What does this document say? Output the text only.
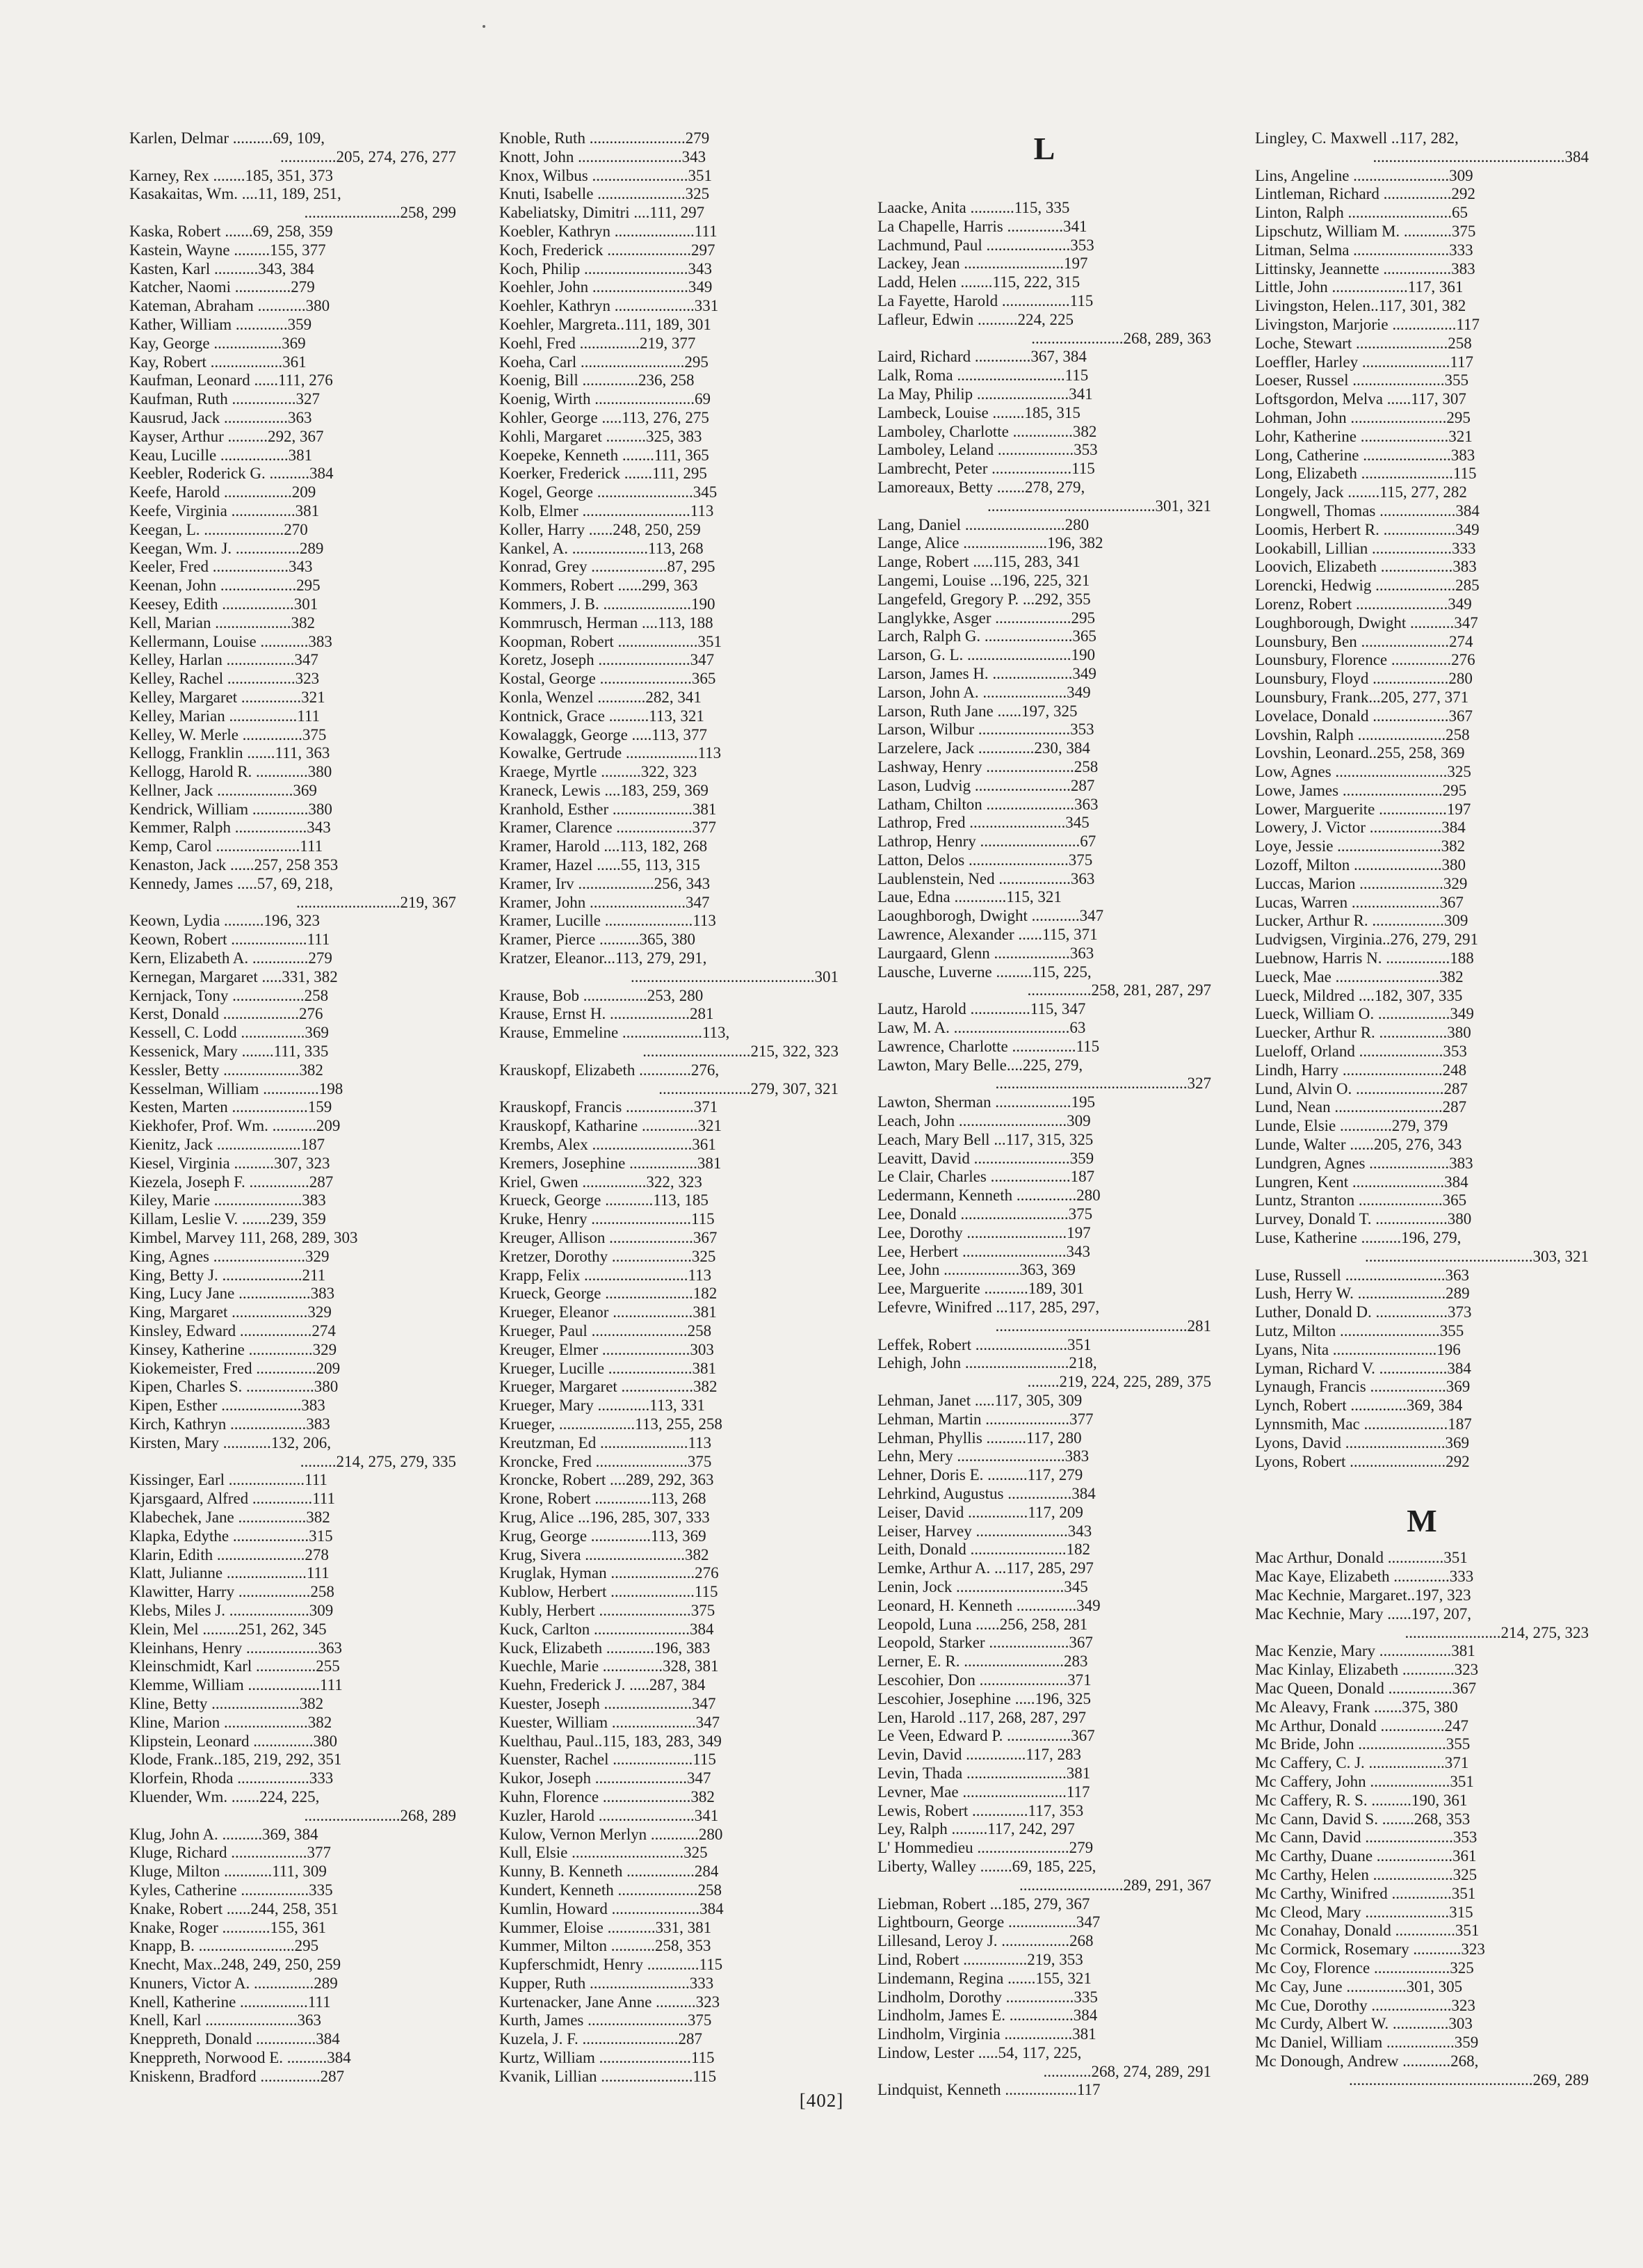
Karlen, Delmar ..........69, 109,
..............205, 274, 276, 277
Karney, Rex ........185, 351, 373
Kasakaitas, Wm. ....11, 189, 251,
........................258, 299
Kaska, Robert .......69, 258, 359
Kastein, Wayne .........155, 377
Kasten, Karl ...........343, 384
Katcher, Naomi ..............279
Kateman, Abraham ............380
Kather, William .............359
Kay, George .................369
Kay, Robert ..................361
Kaufman, Leonard ......111, 276
Kaufman, Ruth ................327
Kausrud, Jack ................363
Kayser, Arthur ..........292, 367
Keau, Lucille .................381
Keebler, Roderick G. ..........384
Keefe, Harold .................209
Keefe, Virginia ................381
Keegan, L. ....................270
Keegan, Wm. J. ................289
Keeler, Fred ...................343
Keenan, John ...................295
Keesey, Edith ..................301
Kell, Marian ...................382
Kellermann, Louise ............383
Kelley, Harlan .................347
Kelley, Rachel .................323
Kelley, Margaret ...............321
Kelley, Marian .................111
Kelley, W. Merle ...............375
Kellogg, Franklin .......111, 363
Kellogg, Harold R. .............380
Kellner, Jack ...................369
Kendrick, William ..............380
Kemmer, Ralph ..................343
Kemp, Carol .....................111
Kenaston, Jack ......257, 258 353
Kennedy, James .....57, 69, 218,
..........................219, 367
Keown, Lydia ..........196, 323
Keown, Robert ...................111
Kern, Elizabeth A. ..............279
Kernegan, Margaret .....331, 382
Kernjack, Tony ..................258
Kerst, Donald ...................276
Kessell, C. Lodd ................369
Kessenick, Mary ........111, 335
Kessler, Betty ...................382
Kesselman, William ..............198
Kesten, Marten ...................159
Kiekhofer, Prof. Wm. ...........209
Kienitz, Jack .....................187
Kiesel, Virginia ..........307, 323
Kiezela, Joseph F. ...............287
Kiley, Marie ......................383
Killam, Leslie V. .......239, 359
Kimbel, Marvey 111, 268, 289, 303
King, Agnes .......................329
King, Betty J. ....................211
King, Lucy Jane ..................383
King, Margaret ...................329
Kinsley, Edward ..................274
Kinsey, Katherine ................329
Kiokemeister, Fred ...............209
Kipen, Charles S. .................380
Kipen, Esther ....................383
Kirch, Kathryn ...................383
Kirsten, Mary ............132, 206,
.........214, 275, 279, 335
Kissinger, Earl ...................111
Kjarsgaard, Alfred ...............111
Klabechek, Jane .................382
Klapka, Edythe ...................315
Klarin, Edith ......................278
Klatt, Julianne ....................111
Klawitter, Harry ..................258
Klebs, Miles J. ....................309
Klein, Mel .........251, 262, 345
Kleinhans, Henry ..................363
Kleinschmidt, Karl ...............255
Klemme, William ..................111
Kline, Betty ......................382
Kline, Marion .....................382
Klipstein, Leonard ...............380
Klode, Frank..185, 219, 292, 351
Klorfein, Rhoda ..................333
Kluender, Wm. .......224, 225,
........................268, 289
Klug, John A. ..........369, 384
Kluge, Richard ...................377
Kluge, Milton ............111, 309
Kyles, Catherine .................335
Knake, Robert ......244, 258, 351
Knake, Roger ............155, 361
Knapp, B. ........................295
Knecht, Max..248, 249, 250, 259
Knuners, Victor A. ...............289
Knell, Katherine .................111
Knell, Karl .......................363
Kneppreth, Donald ...............384
Kneppreth, Norwood E. ..........384
Kniskenn, Bradford ...............287
Knoble, Ruth ........................279
Knott, John ..........................343
Knox, Wilbus ........................351
Knuti, Isabelle ......................325
Kabeliatsky, Dimitri ....111, 297
Koebler, Kathryn ....................111
Koch, Frederick .....................297
Koch, Philip ..........................343
Koehler, John ........................349
Koehler, Kathryn ....................331
Koehler, Margreta..111, 189, 301
Koehl, Fred ...............219, 377
Koeha, Carl ..........................295
Koenig, Bill ..............236, 258
Koenig, Wirth .........................69
Kohler, George .....113, 276, 275
Kohli, Margaret ..........325, 383
Koepeke, Kenneth ........111, 365
Koerker, Frederick .......111, 295
Kogel, George ........................345
Kolb, Elmer ...........................113
Koller, Harry ......248, 250, 259
Kankel, A. ...................113, 268
Konrad, Grey ...................87, 295
Kommers, Robert ......299, 363
Kommers, J. B. ......................190
Kommrusch, Herman ....113, 188
Koopman, Robert ....................351
Koretz, Joseph .......................347
Kostal, George .......................365
Konla, Wenzel ............282, 341
Kontnick, Grace ..........113, 321
Kowalaggk, George .....113, 377
Kowalke, Gertrude ..................113
Kraege, Myrtle ..........322, 323
Kraneck, Lewis ....183, 259, 369
Kranhold, Esther ....................381
Kramer, Clarence ...................377
Kramer, Harold ....113, 182, 268
Kramer, Hazel ......55, 113, 315
Kramer, Irv ...................256, 343
Kramer, John ........................347
Kramer, Lucille ......................113
Kramer, Pierce ..........365, 380
Kratzer, Eleanor...113, 279, 291,
..............................................301
Krause, Bob ................253, 280
Krause, Ernst H. ....................281
Krause, Emmeline ....................113,
...........................215, 322, 323
Krauskopf, Elizabeth .............276,
.......................279, 307, 321
Krauskopf, Francis .................371
Krauskopf, Katharine ..............321
Krembs, Alex .........................361
Kremers, Josephine .................381
Kriel, Gwen ................322, 323
Krueck, George ............113, 185
Kruke, Henry .........................115
Kreuger, Allison .....................367
Kretzer, Dorothy ....................325
Krapp, Felix ..........................113
Krueck, George ......................182
Krueger, Eleanor ....................381
Krueger, Paul ........................258
Kreuger, Elmer ......................303
Krueger, Lucille .....................381
Krueger, Margaret ..................382
Krueger, Mary .............113, 331
Krueger, ...................113, 255, 258
Kreutzman, Ed ......................113
Kroncke, Fred .......................375
Kroncke, Robert ....289, 292, 363
Krone, Robert ..............113, 268
Krug, Alice ...196, 285, 307, 333
Krug, George ...............113, 369
Krug, Sivera .........................382
Kruglak, Hyman .....................276
Kublow, Herbert .....................115
Kubly, Herbert .......................375
Kuck, Carlton ........................384
Kuck, Elizabeth ............196, 383
Kuechle, Marie ...............328, 381
Kuehn, Frederick J. .....287, 384
Kuester, Joseph ......................347
Kuester, William .....................347
Kuelthau, Paul..115, 183, 283, 349
Kuenster, Rachel ....................115
Kukor, Joseph .......................347
Kuhn, Florence ......................382
Kuzler, Harold ........................341
Kulow, Vernon Merlyn ............280
Kull, Elsie ............................325
Kunny, B. Kenneth .................284
Kundert, Kenneth ....................258
Kumlin, Howard ......................384
Kummer, Eloise ............331, 381
Kummer, Milton ...........258, 353
Kupferschmidt, Henry .............115
Kupper, Ruth .........................333
Kurtenacker, Jane Anne ..........323
Kurth, James .........................375
Kuzela, J. F. ........................287
Kurtz, William .......................115
Kvanik, Lillian .......................115
L
Laacke, Anita ...........115, 335
La Chapelle, Harris ..............341
Lachmund, Paul .....................353
Lackey, Jean .........................197
Ladd, Helen ........115, 222, 315
La Fayette, Harold .................115
Lafleur, Edwin ..........224, 225
.......................268, 289, 363
Laird, Richard ..............367, 384
Lalk, Roma ...........................115
La May, Philip .......................341
Lambeck, Louise ........185, 315
Lamboley, Charlotte ...............382
Lamboley, Leland ...................353
Lambrecht, Peter ....................115
Lamoreaux, Betty .......278, 279,
..........................................301, 321
Lang, Daniel .........................280
Lange, Alice .....................196, 382
Lange, Robert .....115, 283, 341
Langemi, Louise ...196, 225, 321
Langefeld, Gregory P. ...292, 355
Langlykke, Asger ...................295
Larch, Ralph G. ......................365
Larson, G. L. ..........................190
Larson, James H. ....................349
Larson, John A. .....................349
Larson, Ruth Jane ......197, 325
Larson, Wilbur .......................353
Larzelere, Jack ..............230, 384
Lashway, Henry ......................258
Lason, Ludvig ........................287
Latham, Chilton ......................363
Lathrop, Fred ........................345
Lathrop, Henry .........................67
Latton, Delos .........................375
Laublenstein, Ned ..................363
Laue, Edna .............115, 321
Laoughborogh, Dwight ............347
Lawrence, Alexander ......115, 371
Laurgaard, Glenn ...................363
Lausche, Luverne .........115, 225,
................258, 281, 287, 297
Lautz, Harold ...............115, 347
Law, M. A. .............................63
Lawrence, Charlotte ................115
Lawton, Mary Belle....225, 279,
................................................327
Lawton, Sherman ...................195
Leach, John ...........................309
Leach, Mary Bell ...117, 315, 325
Leavitt, David ........................359
Le Clair, Charles ....................187
Ledermann, Kenneth ...............280
Lee, Donald ...........................375
Lee, Dorothy .........................197
Lee, Herbert ..........................343
Lee, John ...................363, 369
Lee, Marguerite ...........189, 301
Lefevre, Winifred ...117, 285, 297,
................................................281
Leffek, Robert .......................351
Lehigh, John ..........................218,
........219, 224, 225, 289, 375
Lehman, Janet .....117, 305, 309
Lehman, Martin .....................377
Lehman, Phyllis ..........117, 280
Lehn, Mery ...........................383
Lehner, Doris E. ..........117, 279
Lehrkind, Augustus ................384
Leiser, David ...............117, 209
Leiser, Harvey .......................343
Leith, Donald ........................182
Lemke, Arthur A. ...117, 285, 297
Lenin, Jock ...........................345
Leonard, H. Kenneth ...............349
Leopold, Luna ......256, 258, 281
Leopold, Starker ....................367
Lerner, E. R. .........................283
Lescohier, Don ......................371
Lescohier, Josephine .....196, 325
Len, Harold ..117, 268, 287, 297
Le Veen, Edward P. ................367
Levin, David ...............117, 283
Levin, Thada .........................381
Levner, Mae ..........................117
Lewis, Robert ..............117, 353
Ley, Ralph .........117, 242, 297
L' Hommedieu .......................279
Liberty, Walley ........69, 185, 225,
..........................289, 291, 367
Liebman, Robert ...185, 279, 367
Lightbourn, George .................347
Lillesand, Leroy J. .................268
Lind, Robert ................219, 353
Lindemann, Regina .......155, 321
Lindholm, Dorothy .................335
Lindholm, James E. ................384
Lindholm, Virginia .................381
Lindow, Lester .....54, 117, 225,
............268, 274, 289, 291
Lindquist, Kenneth ..................117
Lingley, C. Maxwell ..117, 282,
................................................384
Lins, Angeline ........................309
Lintleman, Richard .................292
Linton, Ralph ..........................65
Lipschutz, William M. ............375
Litman, Selma ........................333
Littinsky, Jeannette .................383
Little, John ...................117, 361
Livingston, Helen..117, 301, 382
Livingston, Marjorie ................117
Loche, Stewart .......................258
Loeffler, Harley ......................117
Loeser, Russel .......................355
Loftsgordon, Melva ......117, 307
Lohman, John ........................295
Lohr, Katherine ......................321
Long, Catherine ......................383
Long, Elizabeth .......................115
Longely, Jack ........115, 277, 282
Longwell, Thomas ...................384
Loomis, Herbert R. ..................349
Lookabill, Lillian ....................333
Loovich, Elizabeth ..................383
Lorencki, Hedwig ....................285
Lorenz, Robert .......................349
Loughborough, Dwight ...........347
Lounsbury, Ben ......................274
Lounsbury, Florence ...............276
Lounsbury, Floyd ...................280
Lounsbury, Frank...205, 277, 371
Lovelace, Donald ...................367
Lovshin, Ralph ......................258
Lovshin, Leonard..255, 258, 369
Low, Agnes ............................325
Lowe, James .........................295
Lower, Marguerite .................197
Lowery, J. Victor ..................384
Loye, Jessie ..........................382
Lozoff, Milton ......................380
Luccas, Marion .....................329
Lucas, Warren ......................367
Lucker, Arthur R. ..................309
Ludvigsen, Virginia..276, 279, 291
Luebnow, Harris N. ................188
Lueck, Mae ..........................382
Lueck, Mildred ....182, 307, 335
Lueck, William O. ..................349
Luecker, Arthur R. .................380
Lueloff, Orland .....................353
Lindh, Harry .........................248
Lund, Alvin O. ......................287
Lund, Nean ...........................287
Lunde, Elsie .............279, 379
Lunde, Walter ......205, 276, 343
Lundgren, Agnes ....................383
Lungren, Kent .......................384
Luntz, Stranton .....................365
Lurvey, Donald T. ..................380
Luse, Katherine ..........196, 279,
..........................................303, 321
Luse, Russell .........................363
Lush, Herry W. ......................289
Luther, Donald D. ..................373
Lutz, Milton .........................355
Lyans, Nita ..........................196
Lyman, Richard V. .................384
Lynaugh, Francis ...................369
Lynch, Robert ..............369, 384
Lynnsmith, Mac .....................187
Lyons, David .........................369
Lyons, Robert ........................292
M
Mac Arthur, Donald ..............351
Mac Kaye, Elizabeth ..............333
Mac Kechnie, Margaret..197, 323
Mac Kechnie, Mary ......197, 207,
........................214, 275, 323
Mac Kenzie, Mary ..................381
Mac Kinlay, Elizabeth .............323
Mac Queen, Donald ................367
Mc Aleavy, Frank .......375, 380
Mc Arthur, Donald ................247
Mc Bride, John ......................355
Mc Caffery, C. J. ...................371
Mc Caffery, John ....................351
Mc Caffery, R. S. ..........190, 361
Mc Cann, David S. ........268, 353
Mc Cann, David ......................353
Mc Carthy, Duane ...................361
Mc Carthy, Helen ....................325
Mc Carthy, Winifred ...............351
Mc Cleod, Mary .....................315
Mc Conahay, Donald ...............351
Mc Cormick, Rosemary ............323
Mc Coy, Florence ...................325
Mc Cay, June ...............301, 305
Mc Cue, Dorothy ....................323
Mc Curdy, Albert W. ..............303
Mc Daniel, William .................359
Mc Donough, Andrew ............268,
..............................................269, 289
[402]
